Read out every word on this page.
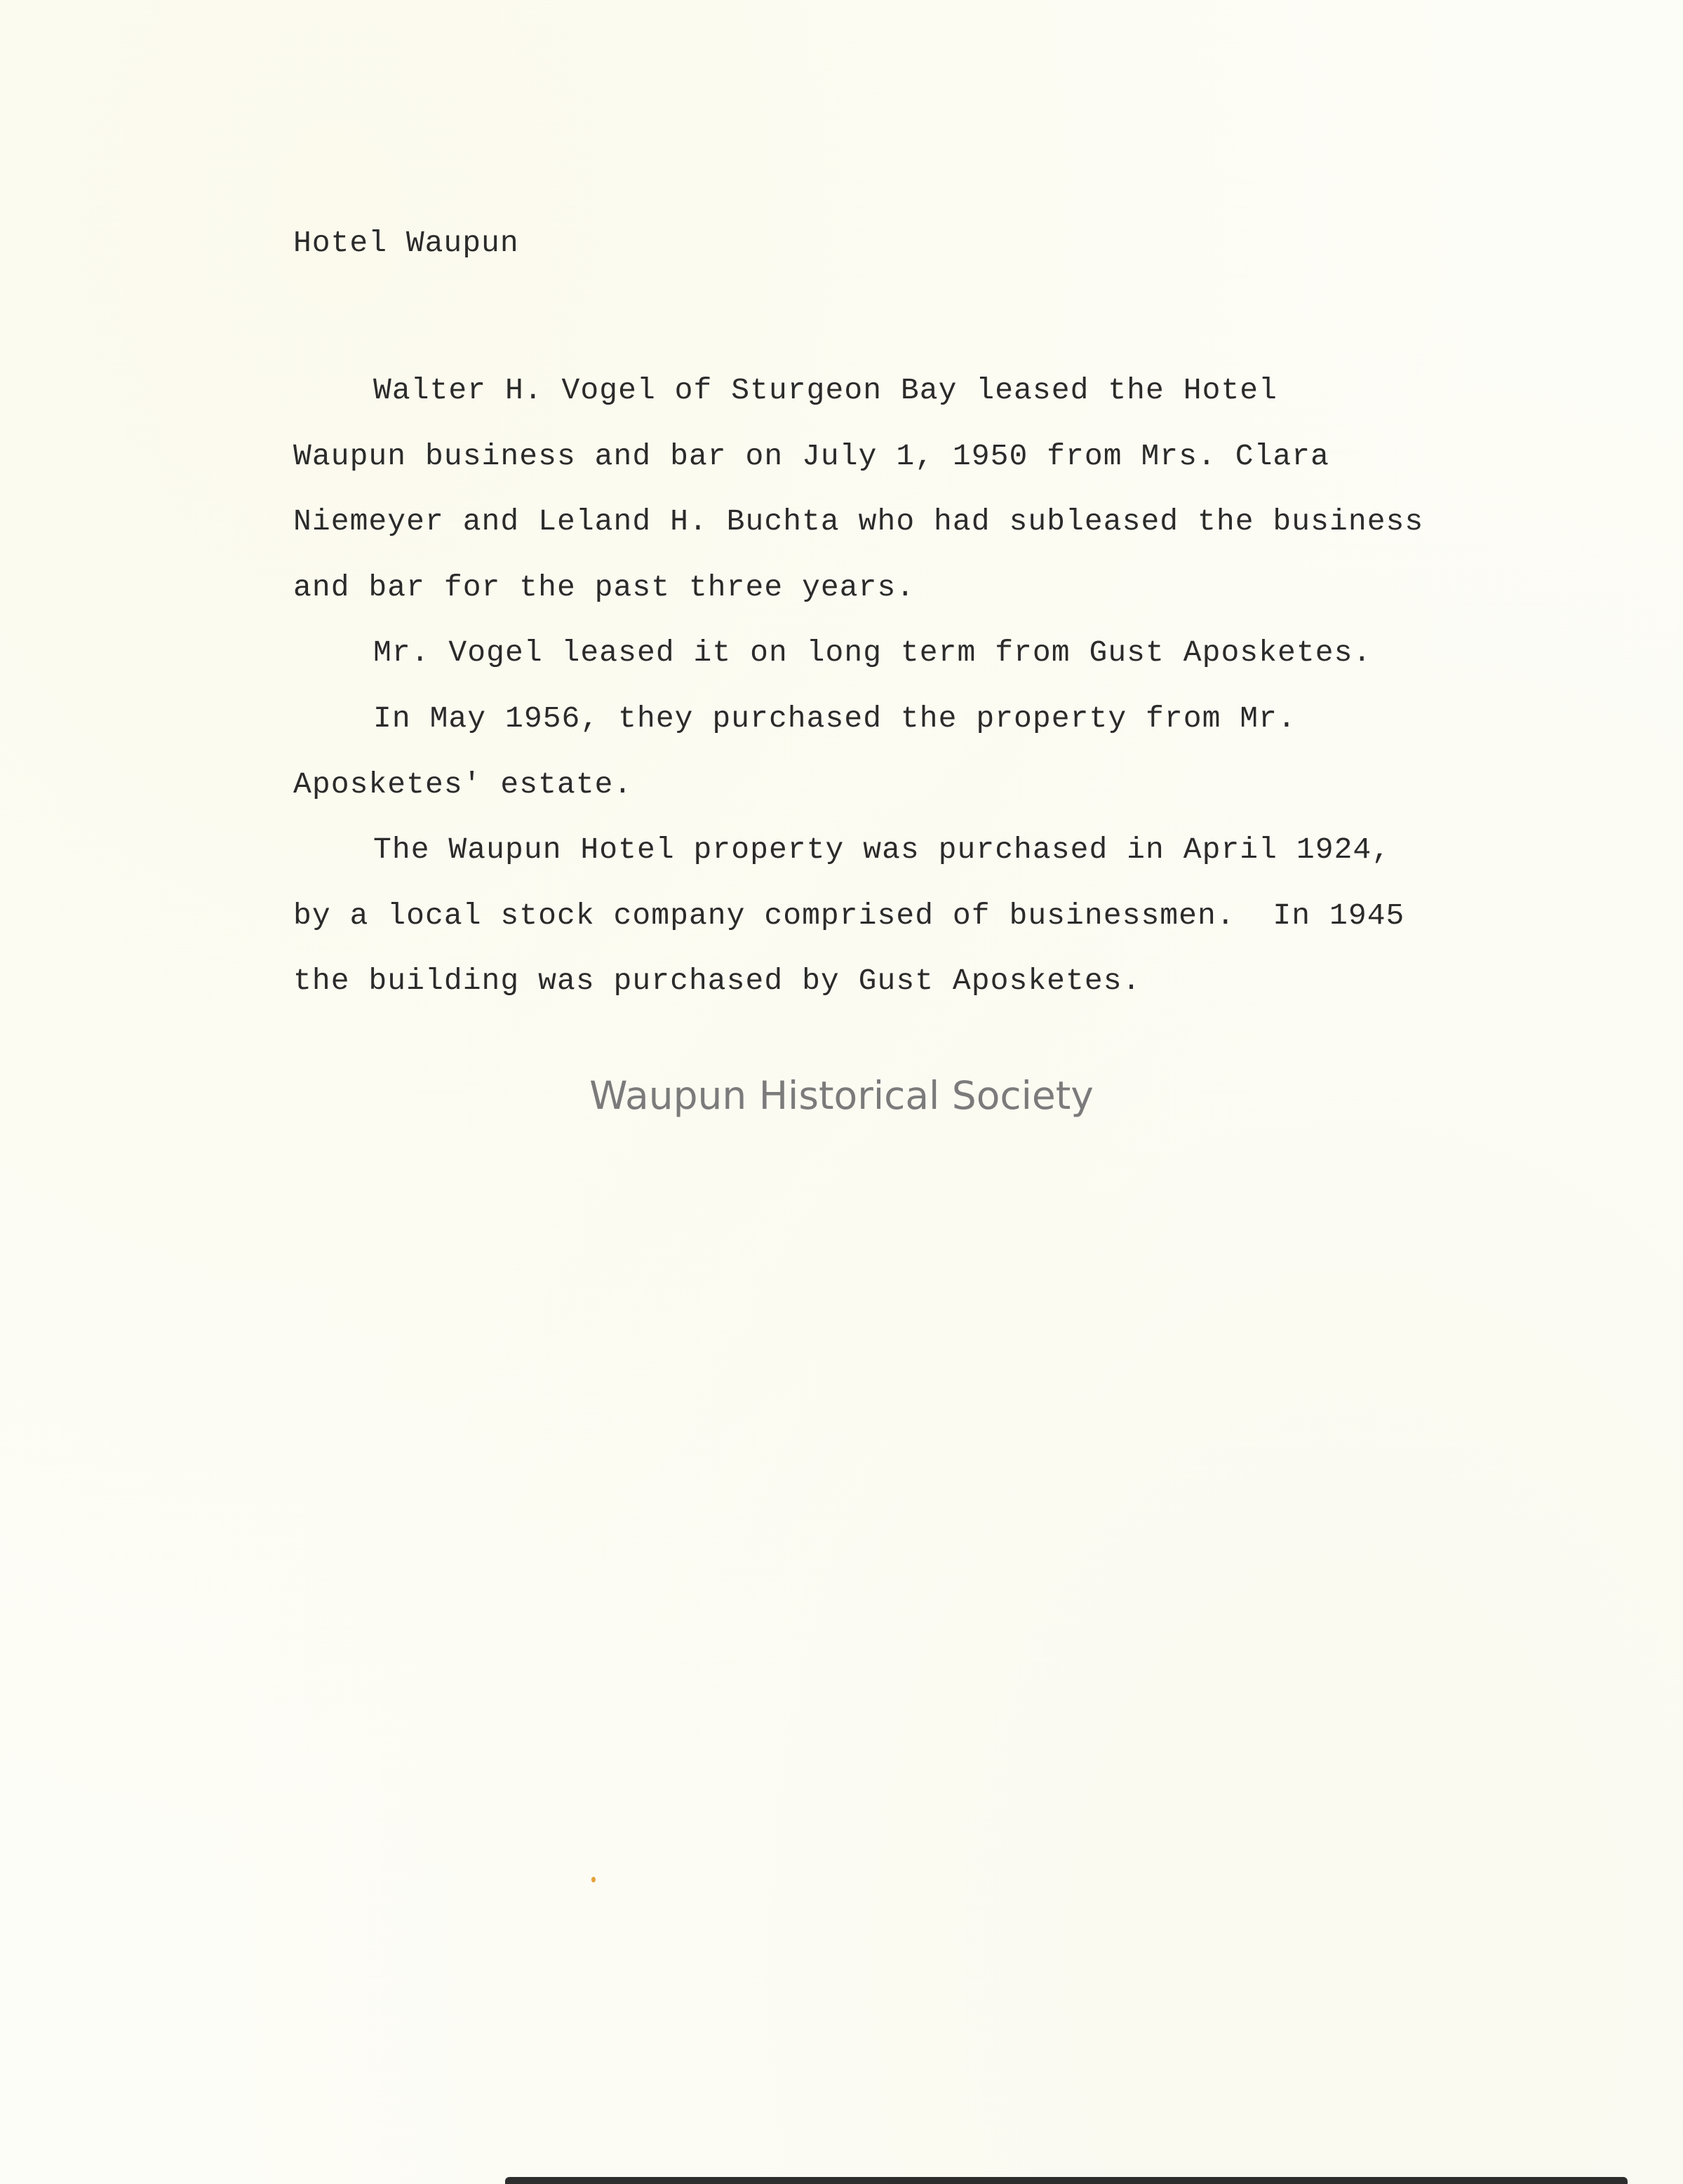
Hotel Waupun
Walter H. Vogel of Sturgeon Bay leased the Hotel
Waupun business and bar on July 1, 1950 from Mrs. Clara
Niemeyer and Leland H. Buchta who had subleased the business
and bar for the past three years.
Mr. Vogel leased it on long term from Gust Aposketes.
In May 1956, they purchased the property from Mr.
Aposketes' estate.
The Waupun Hotel property was purchased in April 1924,
by a local stock company comprised of businessmen.  In 1945
the building was purchased by Gust Aposketes.
Waupun Historical Society
